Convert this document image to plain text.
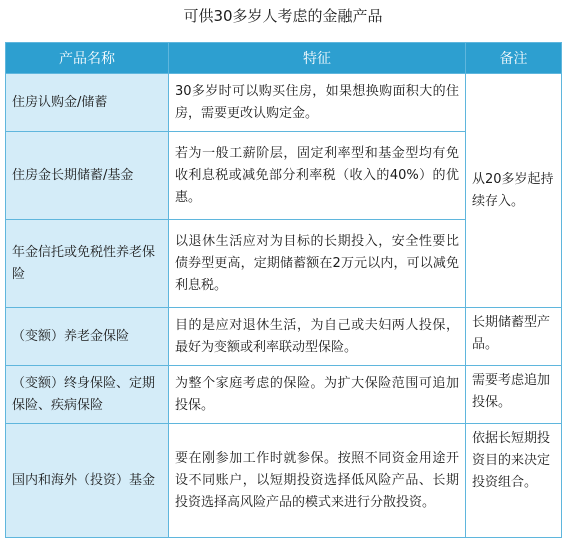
可供30多岁人考虑的金融产品
产品名称	特征	备注
住房认购金/储蓄	30多岁时可以购买住房，如果想换购面积大的住房，需要更改认购定金。	从20多岁起持续存入。
住房金长期储蓄/基金	若为一般工薪阶层，固定利率型和基金型均有免收利息税或减免部分利率税（收入的40%）的优惠。	
年金信托或免税性养老保险	以退休生活应对为目标的长期投入，安全性要比债券型更高，定期储蓄额在2万元以内，可以减免利息税。	
（变额）养老金保险	目的是应对退休生活，为自己或夫妇两人投保，最好为变额或利率联动型保险。	长期储蓄型产品。
（变额）终身保险、定期保险、疾病保险	为整个家庭考虑的保险。为扩大保险范围可追加投保。	需要考虑追加投保。
国内和海外（投资）基金	要在刚参加工作时就参保。按照不同资金用途开设不同账户，以短期投资选择低风险产品、长期投资选择高风险产品的模式来进行分散投资。	依据长短期投资目的来决定投资组合。
